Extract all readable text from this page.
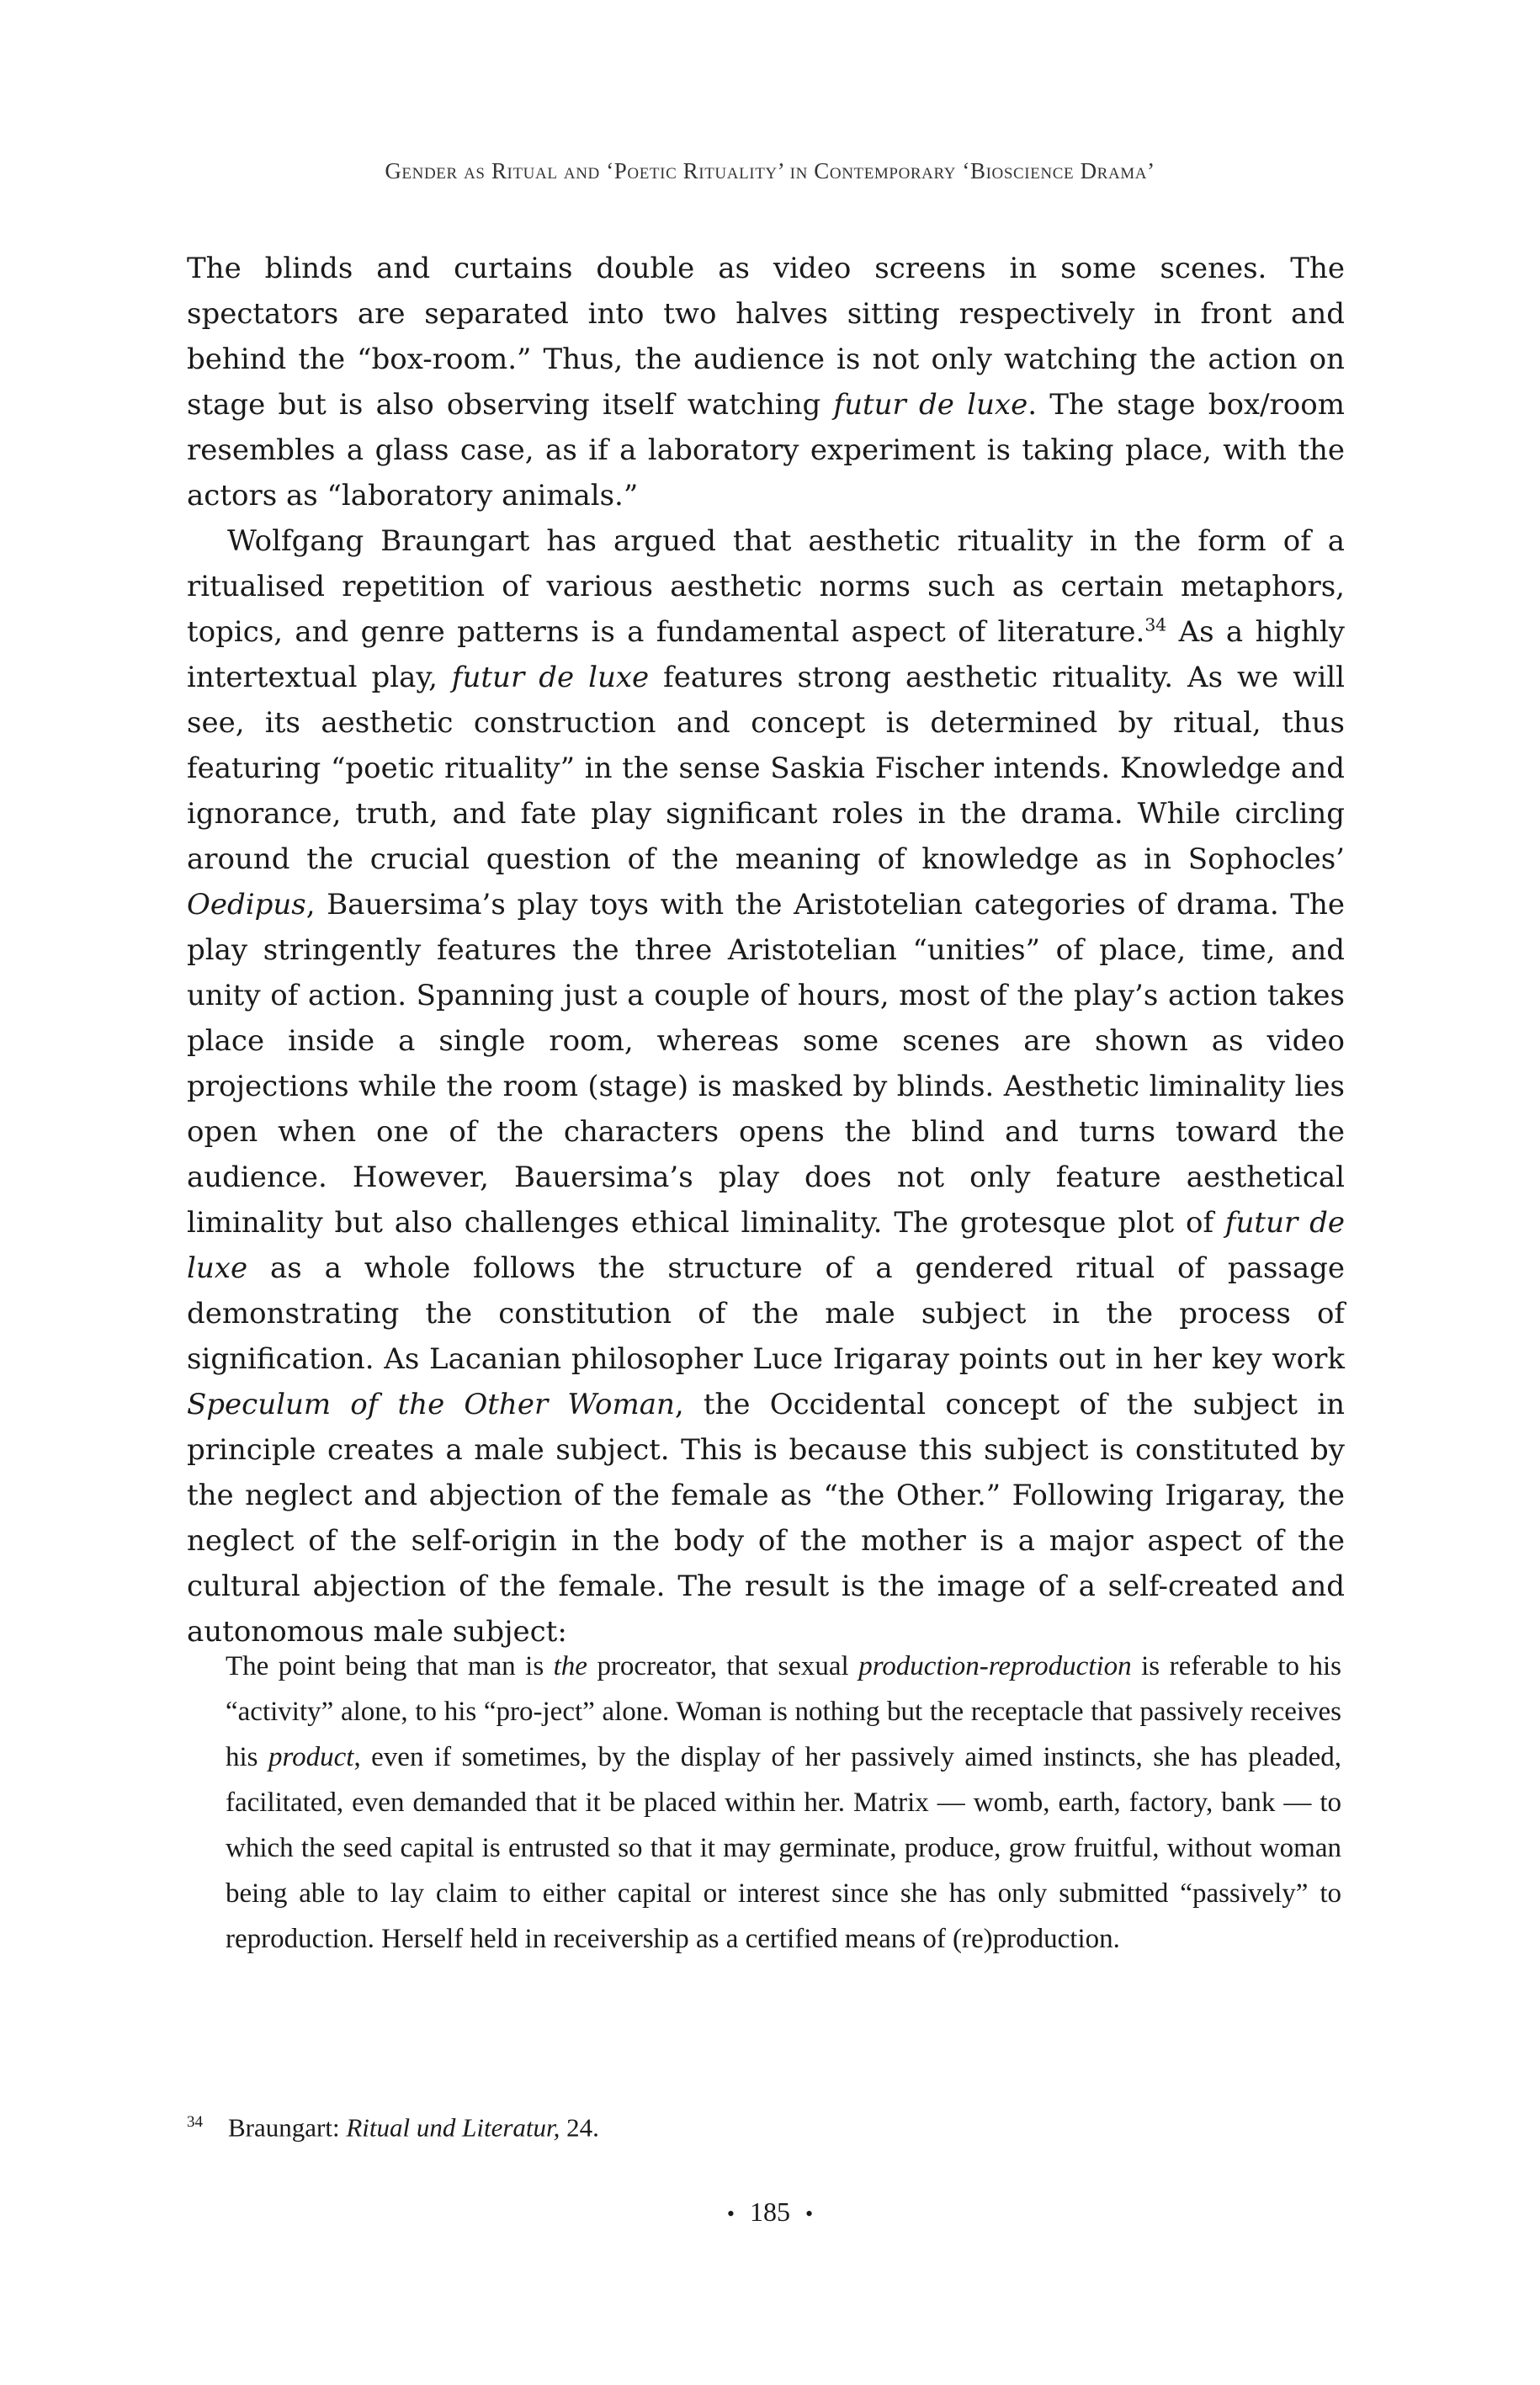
Gender as Ritual and ‘Poetic Rituality’ in Contemporary ‘Bioscience Drama’

The blinds and curtains double as video screens in some scenes. The spectators are separated into two halves sitting respectively in front and behind the “box-room.” Thus, the audience is not only watching the action on stage but is also observing itself watching futur de luxe. The stage box/room resembles a glass case, as if a laboratory experiment is taking place, with the actors as “laboratory animals.”

Wolfgang Braungart has argued that aesthetic rituality in the form of a ritualised repetition of various aesthetic norms such as certain metaphors, topics, and genre patterns is a fundamental aspect of literature.$^{34}$ As a highly intertextual play, futur de luxe features strong aesthetic rituality. As we will see, its aesthetic construction and concept is determined by ritual, thus featuring “poetic rituality” in the sense Saskia Fischer intends. Knowledge and ignorance, truth, and fate play significant roles in the drama. While circling around the crucial question of the meaning of knowledge as in Sophocles’ Oedipus, Bauersima’s play toys with the Aristotelian categories of drama. The play stringently features the three Aristotelian “unities” of place, time, and unity of action. Spanning just a couple of hours, most of the play’s action takes place inside a single room, whereas some scenes are shown as video projections while the room (stage) is masked by blinds. Aesthetic liminality lies open when one of the characters opens the blind and turns toward the audience. However, Bauersima’s play does not only feature aesthetical liminality but also challenges ethical liminality. The grotesque plot of futur de luxe as a whole follows the structure of a gendered ritual of passage demonstrating the constitution of the male subject in the process of signification. As Lacanian philosopher Luce Irigaray points out in her key work Speculum of the Other Woman, the Occidental concept of the subject in principle creates a male subject. This is because this subject is constituted by the neglect and abjection of the female as “the Other.” Following Irigaray, the neglect of the self-origin in the body of the mother is a major aspect of the cultural abjection of the female. The result is the image of a self-created and autonomous male subject:

The point being that man is the procreator, that sexual production-reproduction is referable to his “activity” alone, to his “pro-ject” alone. Woman is nothing but the receptacle that passively receives his product, even if sometimes, by the display of her passively aimed instincts, she has pleaded, facilitated, even demanded that it be placed within her. Matrix — womb, earth, factory, bank — to which the seed capital is entrusted so that it may germinate, produce, grow fruitful, without woman being able to lay claim to either capital or interest since she has only submitted “passively” to reproduction. Herself held in receivership as a certified means of (re)production.

$^{34}$ Braungart: Ritual und Literatur, 24.
• 185 •
